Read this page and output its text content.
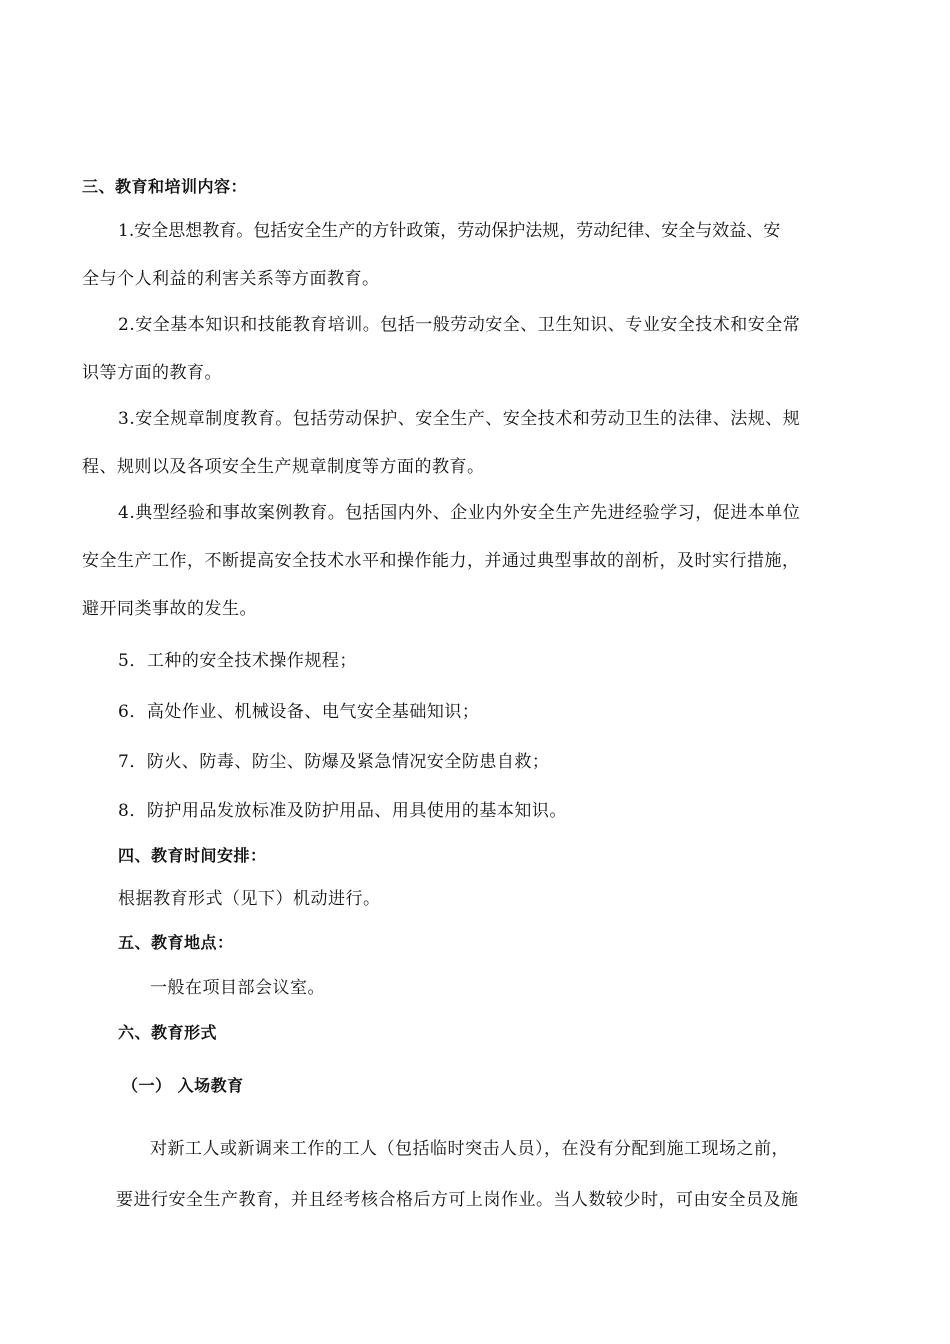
三、教育和培训内容：
1.安全思想教育。包括安全生产的方针政策，劳动保护法规，劳动纪律、安全与效益、安
全与个人利益的利害关系等方面教育。
2.安全基本知识和技能教育培训。包括一般劳动安全、卫生知识、专业安全技术和安全常
识等方面的教育。
3.安全规章制度教育。包括劳动保护、安全生产、安全技术和劳动卫生的法律、法规、规
程、规则以及各项安全生产规章制度等方面的教育。
4.典型经验和事故案例教育。包括国内外、企业内外安全生产先进经验学习，促进本单位
安全生产工作，不断提高安全技术水平和操作能力，并通过典型事故的剖析，及时实行措施，
避开同类事故的发生。
5．工种的安全技术操作规程；
6．高处作业、机械设备、电气安全基础知识；
7．防火、防毒、防尘、防爆及紧急情况安全防患自救；
8．防护用品发放标准及防护用品、用具使用的基本知识。
四、教育时间安排：
根据教育形式（见下）机动进行。
五、教育地点：
一般在项目部会议室。
六、教育形式
（一） 入场教育
对新工人或新调来工作的工人（包括临时突击人员），在没有分配到施工现场之前，
要进行安全生产教育，并且经考核合格后方可上岗作业。当人数较少时，可由安全员及施
